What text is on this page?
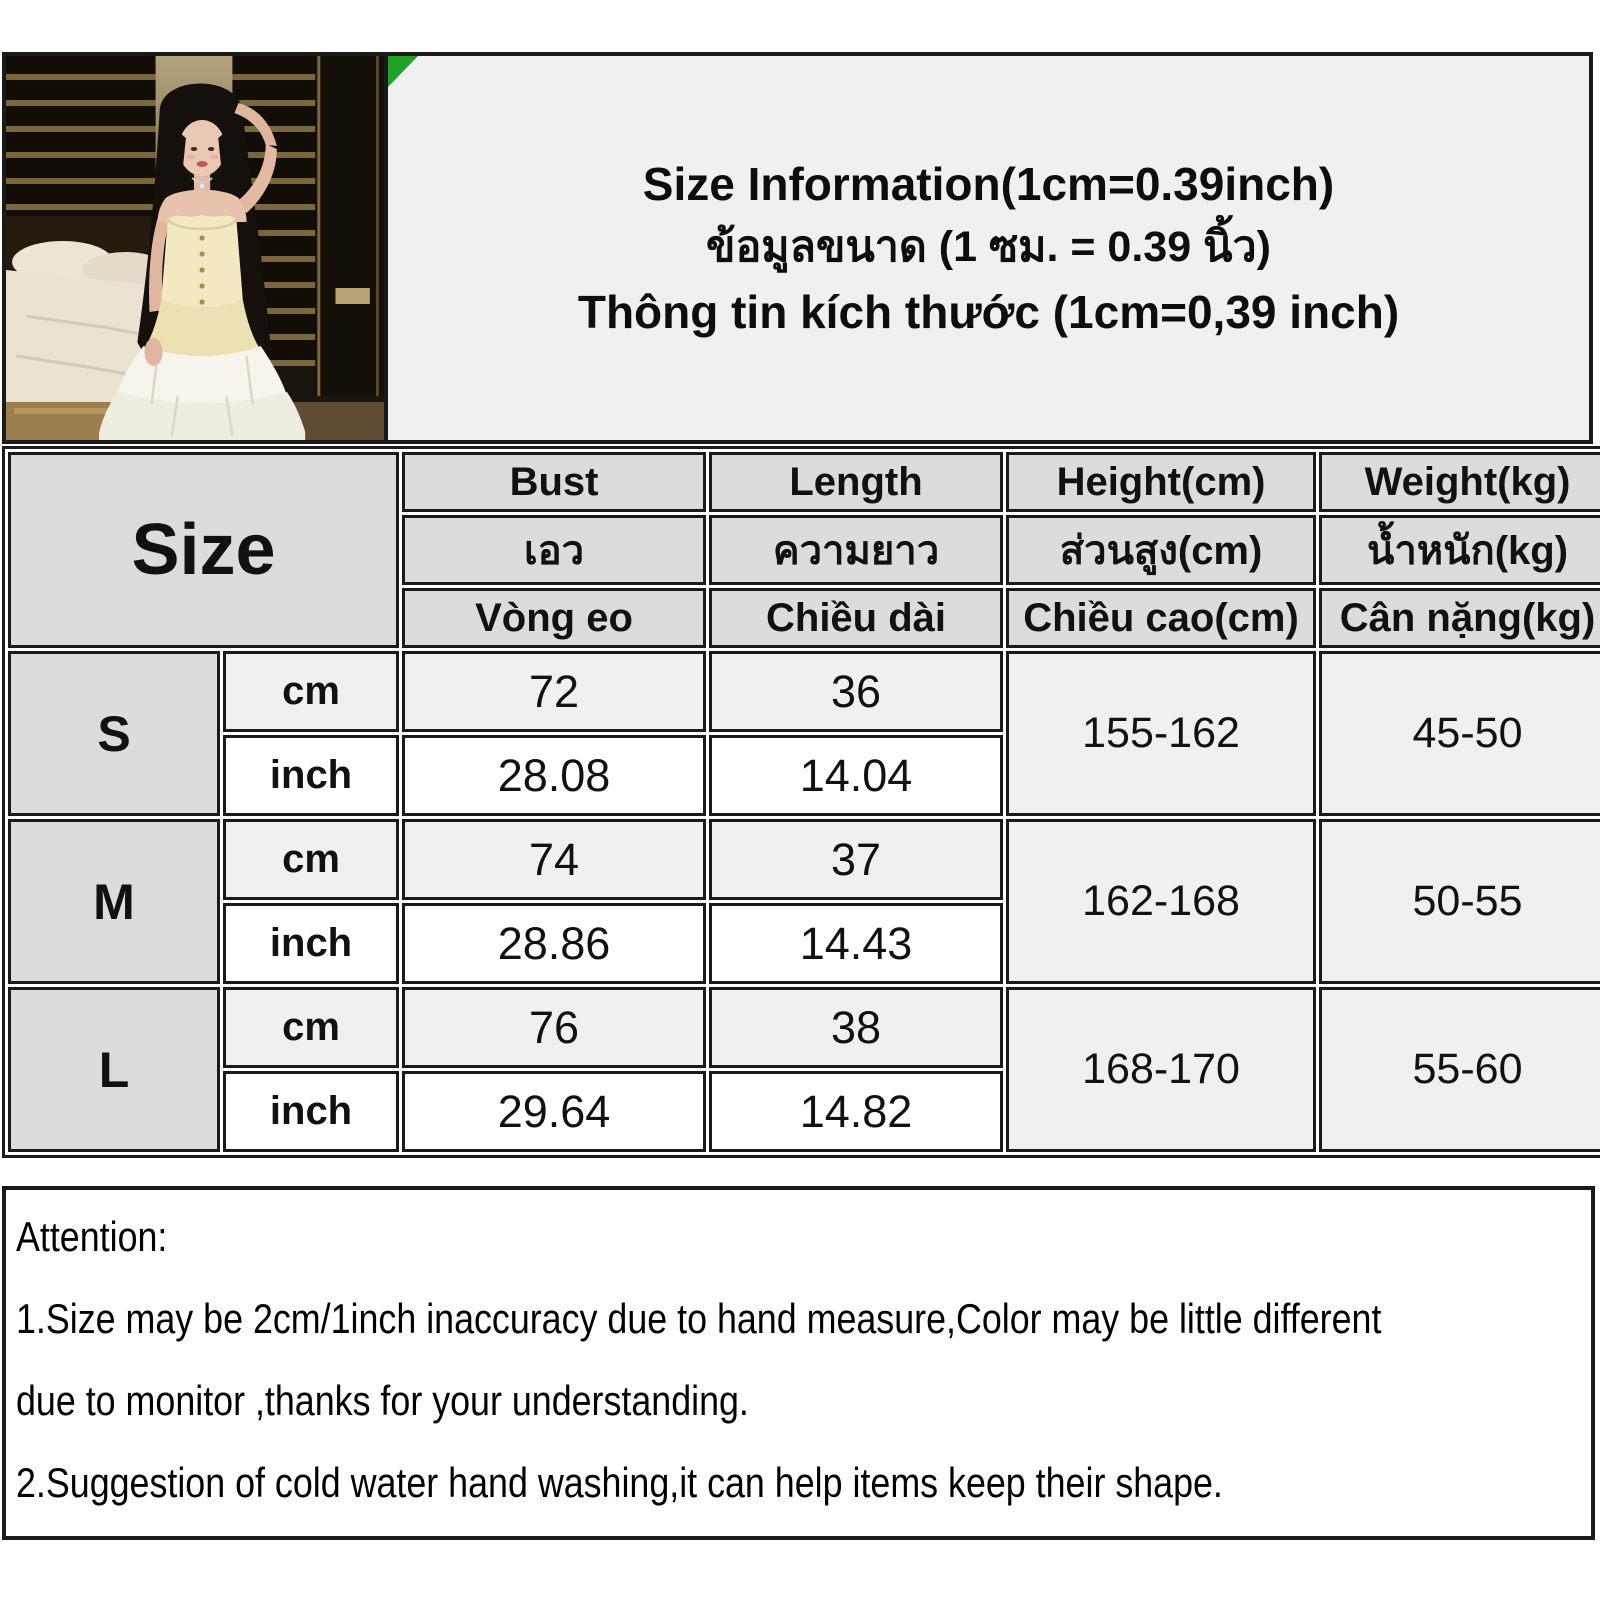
Size Information(1cm=0.39inch)
ข้อมูลขนาด (1 ซม. = 0.39 นิ้ว)
Thông tin kích thước (1cm=0,39 inch)
Size		Bust	Length	Height(cm)	Weight(kg)
		เอว	ความยาว	ส่วนสูง(cm)	น้ำหนัก(kg)
		Vòng eo	Chiều dài	Chiều cao(cm)	Cân nặng(kg)
S	cm	72	36	155-162	45-50
	inch	28.08	14.04		
M	cm	74	37	162-168	50-55
	inch	28.86	14.43		
L	cm	76	38	168-170	55-60
	inch	29.64	14.82		
Attention:
1.Size may be 2cm/1inch inaccuracy due to hand measure,Color may be little different
due to monitor ,thanks for your understanding.
2.Suggestion of cold water hand washing,it can help items keep their shape.
